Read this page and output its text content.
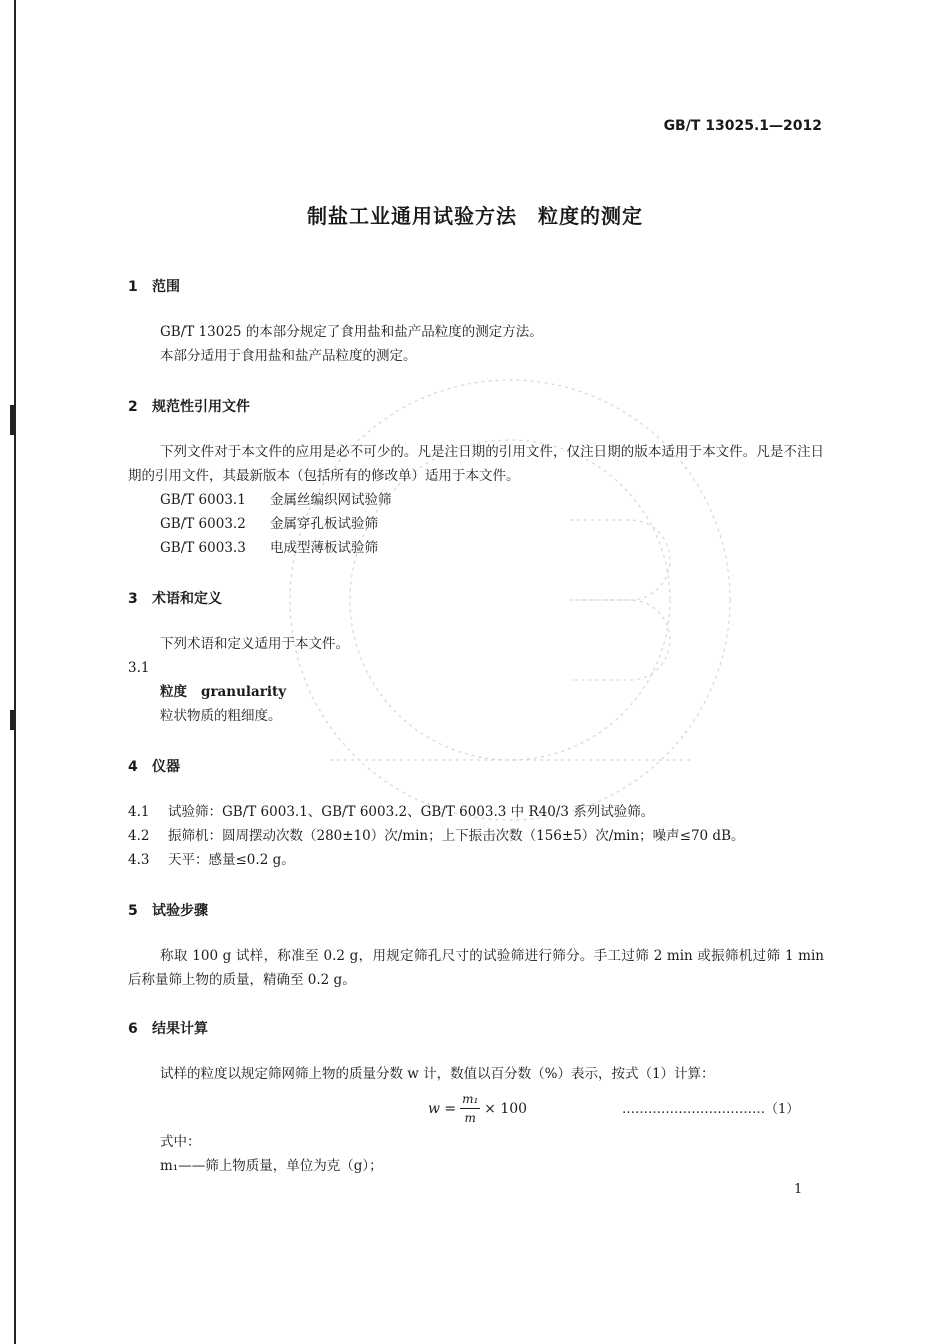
GB/T 13025.1—2012
制盐工业通用试验方法　粒度的测定
1 范围
GB/T 13025 的本部分规定了食用盐和盐产品粒度的测定方法。
本部分适用于食用盐和盐产品粒度的测定。
2 规范性引用文件
下列文件对于本文件的应用是必不可少的。凡是注日期的引用文件，仅注日期的版本适用于本文件。凡是不注日期的引用文件，其最新版本（包括所有的修改单）适用于本文件。
GB/T 6003.1 金属丝编织网试验筛
GB/T 6003.2 金属穿孔板试验筛
GB/T 6003.3 电成型薄板试验筛
3 术语和定义
下列术语和定义适用于本文件。
3.1
粒度 granularity
粒状物质的粗细度。
4 仪器
4.1 试验筛：GB/T 6003.1、GB/T 6003.2、GB/T 6003.3 中 R40/3 系列试验筛。
4.2 振筛机：圆周摆动次数（280±10）次/min；上下振击次数（156±5）次/min；噪声≤70 dB。
4.3 天平：感量≤0.2 g。
5 试验步骤
称取 100 g 试样，称准至 0.2 g，用规定筛孔尺寸的试验筛进行筛分。手工过筛 2 min 或振筛机过筛 1 min 后称量筛上物的质量，精确至 0.2 g。
6 结果计算
试样的粒度以规定筛网筛上物的质量分数 w 计，数值以百分数（%）表示，按式（1）计算：
$w = \frac{\text{m₁}}{m} \times 100$	……………………………（1）
式中：
m₁——筛上物质量，单位为克（g）；
1
